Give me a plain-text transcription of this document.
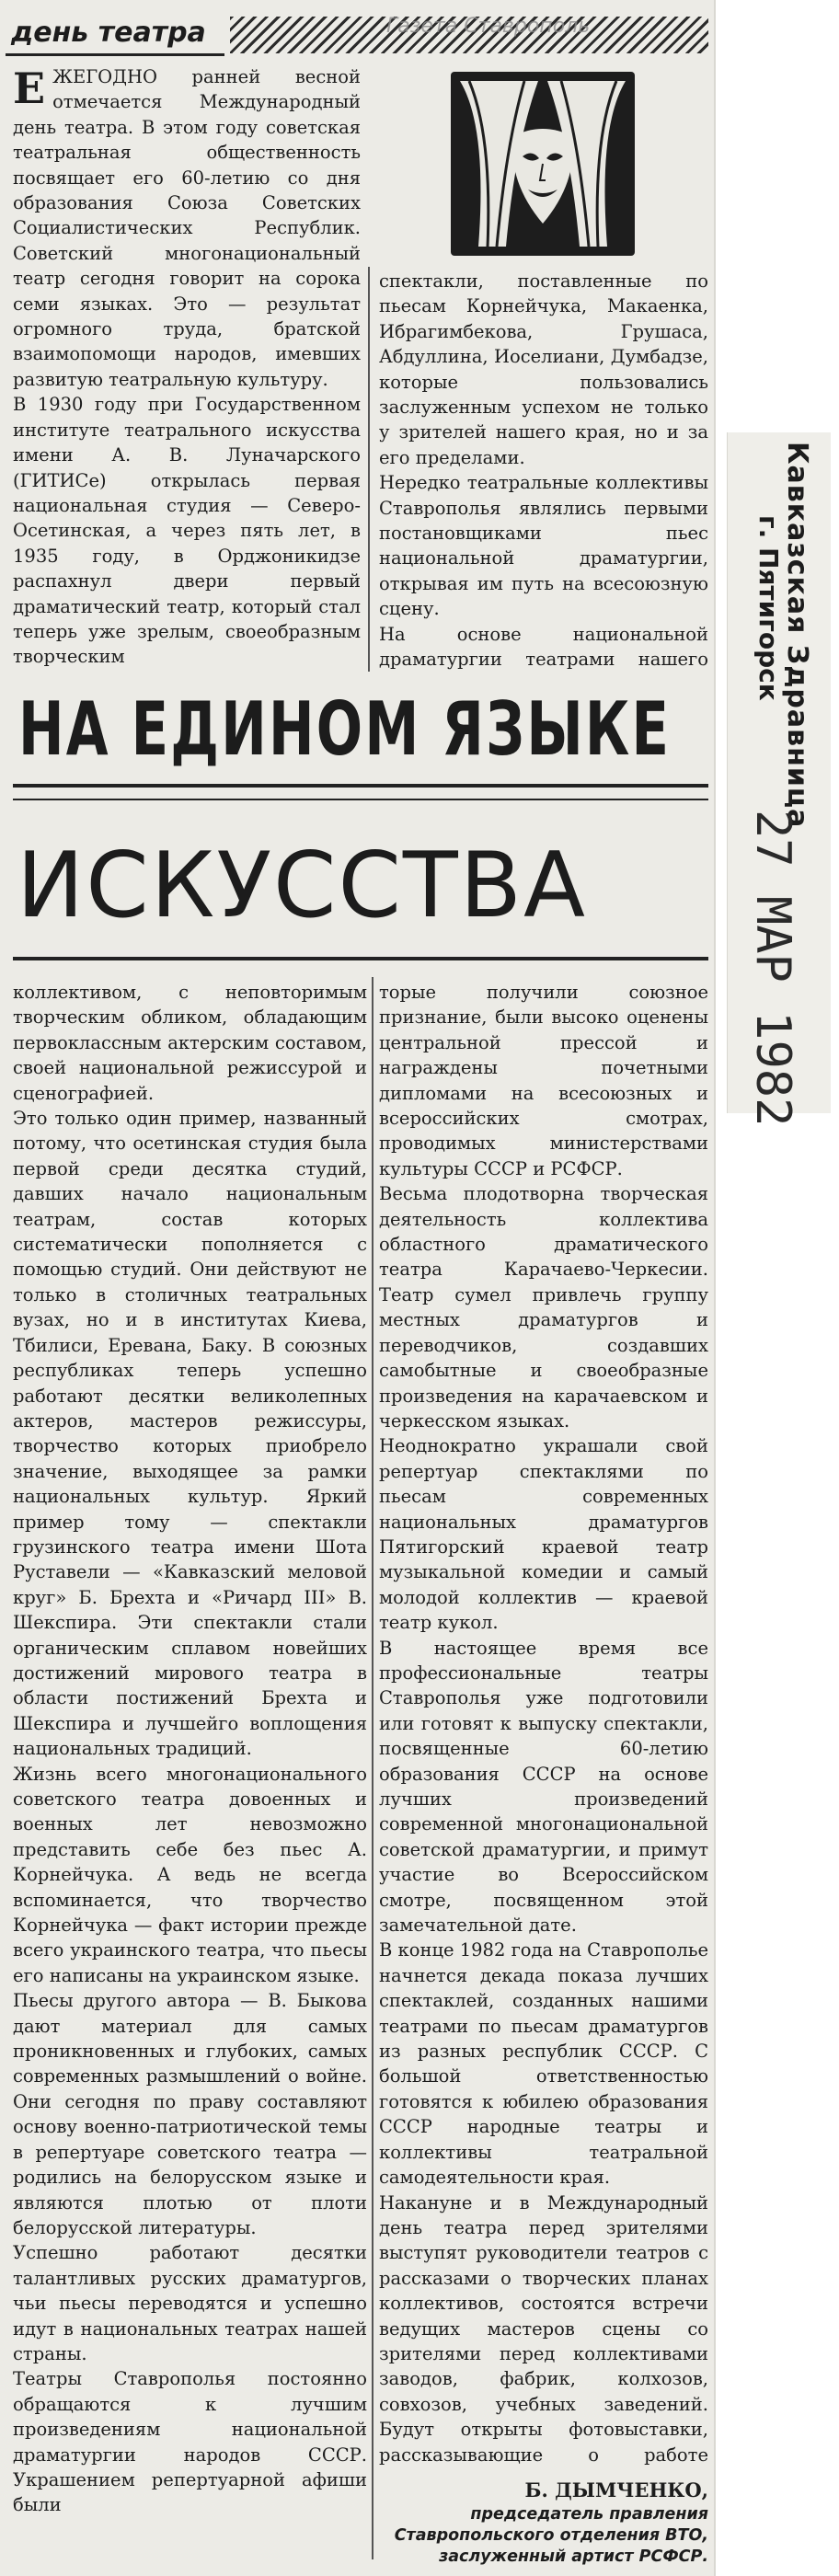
Кавказская Здравница
г. Пятигорск
27 МАР 1982
день театра	Газета Ставрополь
ЕЖЕГОДНО ранней весной отмечается Международный день театра. В этом году советская театральная общественность посвящает его 60-летию со дня образования Союза Советских Социалистических Республик. Советский многонациональный театр сегодня говорит на сорока семи языках. Это — результат огромного труда, братской взаимопомощи народов, имевших развитую театральную культуру.
В 1930 году при Государственном институте театрального искусства имени А. В. Луначарского (ГИТИСе) открылась первая национальная студия — Северо-Осетинская, а через пять лет, в 1935 году, в Орджоникидзе распахнул двери первый драматический театр, который стал теперь уже зрелым, своеобразным творческим
спектакли, поставленные по пьесам Корнейчука, Макаенка, Ибрагимбекова, Грушаса, Абдуллина, Иоселиани, Думбадзе, которые пользовались заслуженным успехом не только у зрителей нашего края, но и за его пределами.
Нередко театральные коллективы Ставрополья являлись первыми постановщиками пьес национальной драматургии, открывая им путь на всесоюзную сцену.
На основе национальной драматургии театрами нашего
НА ЕДИНОМ ЯЗЫКЕ
ИСКУССТВА
коллективом, с неповторимым творческим обликом, обладающим первоклассным актерским составом, своей национальной режиссурой и сценографией.
Это только один пример, названный потому, что осетинская студия была первой среди десятка студий, давших начало национальным театрам, состав которых систематически пополняется с помощью студий. Они действуют не только в столичных театральных вузах, но и в институтах Киева, Тбилиси, Еревана, Баку. В союзных республиках теперь успешно работают десятки великолепных актеров, мастеров режиссуры, творчество которых приобрело значение, выходящее за рамки национальных культур. Яркий пример тому — спектакли грузинского театра имени Шота Руставели — «Кавказский меловой круг» Б. Брехта и «Ричард III» В. Шекспира. Эти спектакли стали органическим сплавом новейших достижений мирового театра в области постижений Брехта и Шекспира и лучшейго воплощения национальных традиций.
Жизнь всего многонационального советского театра довоенных и военных лет невозможно представить себе без пьес А. Корнейчука. А ведь не всегда вспоминается, что творчество Корнейчука — факт истории прежде всего украинского театра, что пьесы его написаны на украинском языке.
Пьесы другого автора — В. Быкова дают материал для самых проникновенных и глубоких, самых современных размышлений о войне. Они сегодня по праву составляют основу военно-патриотической темы в репертуаре советского театра — родились на белорусском языке и являются плотью от плоти белорусской литературы.
Успешно работают десятки талантливых русских драматургов, чьи пьесы переводятся и успешно идут в национальных театрах нашей страны.
Театры Ставрополья постоянно обращаются к лучшим произведениям национальной драматургии народов СССР. Украшением репертуарной афиши были
торые получили союзное признание, были высоко оценены центральной прессой и награждены почетными дипломами на всесоюзных и всероссийских смотрах, проводимых министерствами культуры СССР и РСФСР.
Весьма плодотворна творческая деятельность коллектива областного драматического театра Карачаево-Черкесии. Театр сумел привлечь группу местных драматургов и переводчиков, создавших самобытные и своеобразные произведения на карачаевском и черкесском языках.
Неоднократно украшали свой репертуар спектаклями по пьесам современных национальных драматургов Пятигорский краевой театр музыкальной комедии и самый молодой коллектив — краевой театр кукол.
В настоящее время все профессиональные театры Ставрополья уже подготовили или готовят к выпуску спектакли, посвященные 60-летию образования СССР на основе лучших произведений современной многонациональной советской драматургии, и примут участие во Всероссийском смотре, посвященном этой замечательной дате.
В конце 1982 года на Ставрополье начнется декада показа лучших спектаклей, созданных нашими театрами по пьесам драматургов из разных республик СССР. С большой ответственностью готовятся к юбилею образования СССР народные театры и коллективы театральной самодеятельности края.
Накануне и в Международный день театра перед зрителями выступят руководители театров с рассказами о творческих планах коллективов, состоятся встречи ведущих мастеров сцены со зрителями перед коллективами заводов, фабрик, колхозов, совхозов, учебных заведений. Будут открыты фотовыставки, рассказывающие о работе
Б. ДЫМЧЕНКО,
председатель правления Ставропольского отделения ВТО, заслуженный артист РСФСР.
